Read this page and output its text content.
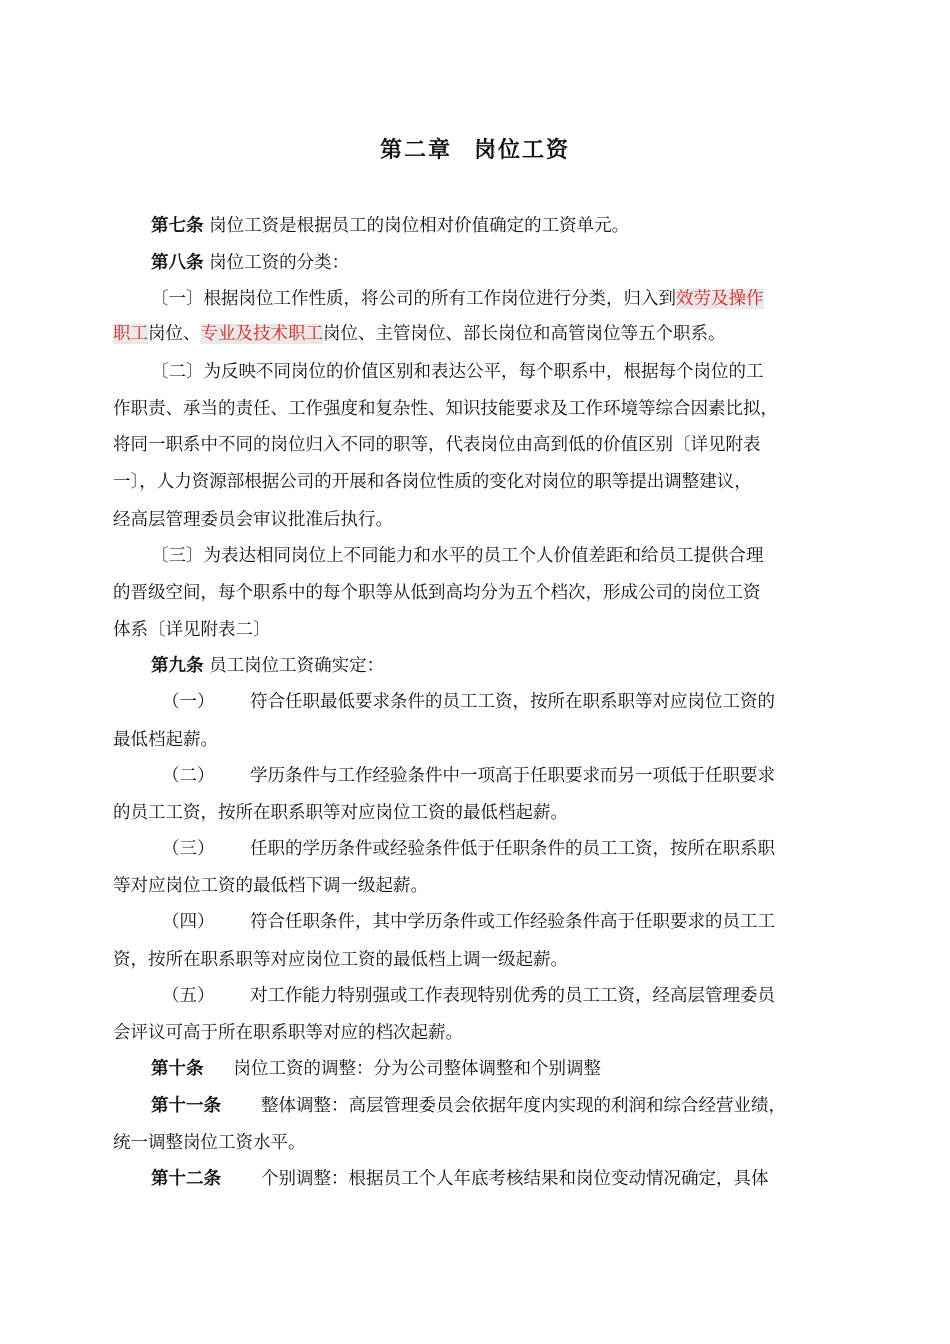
第二章 岗位工资
第七条 岗位工资是根据员工的岗位相对价值确定的工资单元。
第八条 岗位工资的分类：
〔一〕根据岗位工作性质，将公司的所有工作岗位进行分类，归入到效劳及操作
职工岗位、专业及技术职工岗位、主管岗位、部长岗位和高管岗位等五个职系。
〔二〕为反映不同岗位的价值区别和表达公平，每个职系中，根据每个岗位的工
作职责、承当的责任、工作强度和复杂性、知识技能要求及工作环境等综合因素比拟，
将同一职系中不同的岗位归入不同的职等，代表岗位由高到低的价值区别〔详见附表
一〕，人力资源部根据公司的开展和各岗位性质的变化对岗位的职等提出调整建议，
经高层管理委员会审议批准后执行。
〔三〕为表达相同岗位上不同能力和水平的员工个人价值差距和给员工提供合理
的晋级空间，每个职系中的每个职等从低到高均分为五个档次，形成公司的岗位工资
体系〔详见附表二〕
第九条 员工岗位工资确实定：
（一） 符合任职最低要求条件的员工工资，按所在职系职等对应岗位工资的
最低档起薪。
（二） 学历条件与工作经验条件中一项高于任职要求而另一项低于任职要求
的员工工资，按所在职系职等对应岗位工资的最低档起薪。
（三） 任职的学历条件或经验条件低于任职条件的员工工资，按所在职系职
等对应岗位工资的最低档下调一级起薪。
（四） 符合任职条件，其中学历条件或工作经验条件高于任职要求的员工工
资，按所在职系职等对应岗位工资的最低档上调一级起薪。
（五） 对工作能力特别强或工作表现特别优秀的员工工资，经高层管理委员
会评议可高于所在职系职等对应的档次起薪。
第十条 岗位工资的调整：分为公司整体调整和个别调整
第十一条 整体调整：高层管理委员会依据年度内实现的利润和综合经营业绩，
统一调整岗位工资水平。
第十二条 个别调整：根据员工个人年底考核结果和岗位变动情况确定，具体
